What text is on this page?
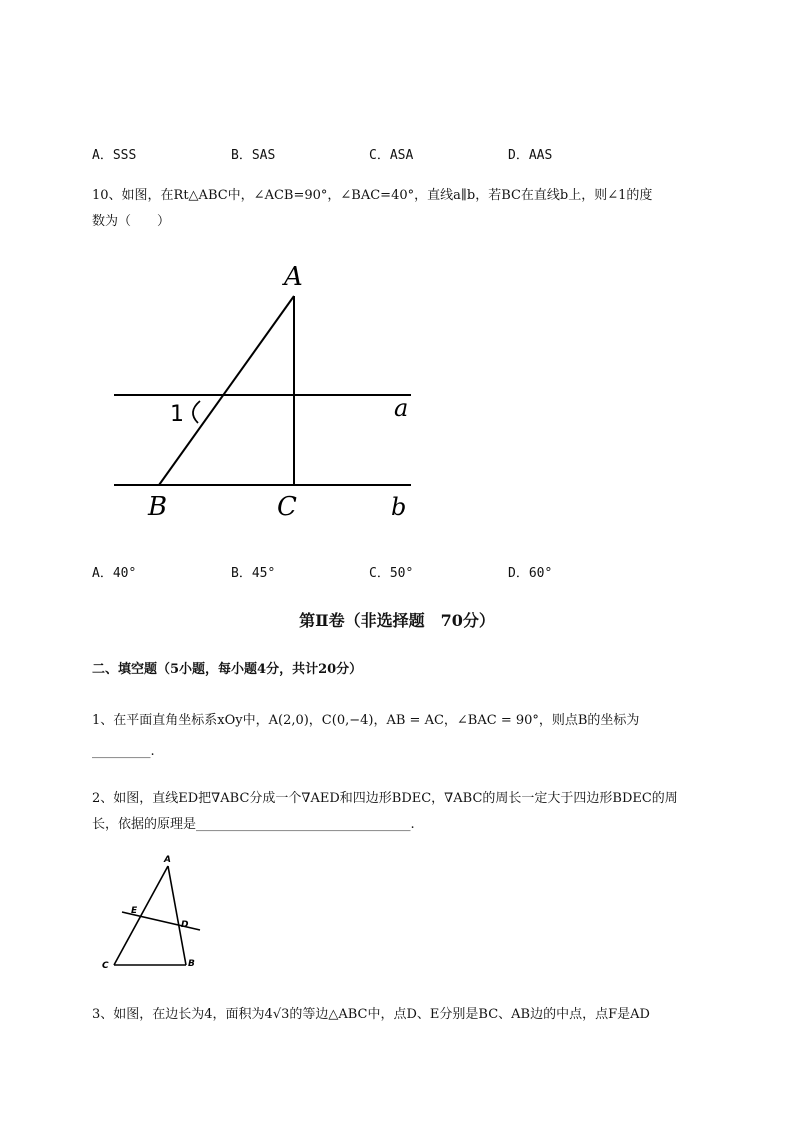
A．SSS	B．SAS	C．ASA	D．AAS
10、如图，在Rt△ABC中，∠ACB=90°，∠BAC=40°，直线a∥b，若BC在直线b上，则∠1的度
数为（　　）
A
B	C
a
b
1
A．40°	B．45°	C．50°	D．60°
第Ⅱ卷（非选择题　70分）
二、填空题（5小题，每小题4分，共计20分）
1、在平面直角坐标系xOy中，A(2,0)，C(0,−4)，AB = AC，∠BAC = 90°，则点B的坐标为
_________.
2、如图，直线ED把∇ABC分成一个∇AED和四边形BDEC，∇ABC的周长一定大于四边形BDEC的周
长，依据的原理是_________________________________.
A
E
D
C	B
3、如图，在边长为4，面积为4√3的等边△ABC中，点D、E分别是BC、AB边的中点，点F是AD
